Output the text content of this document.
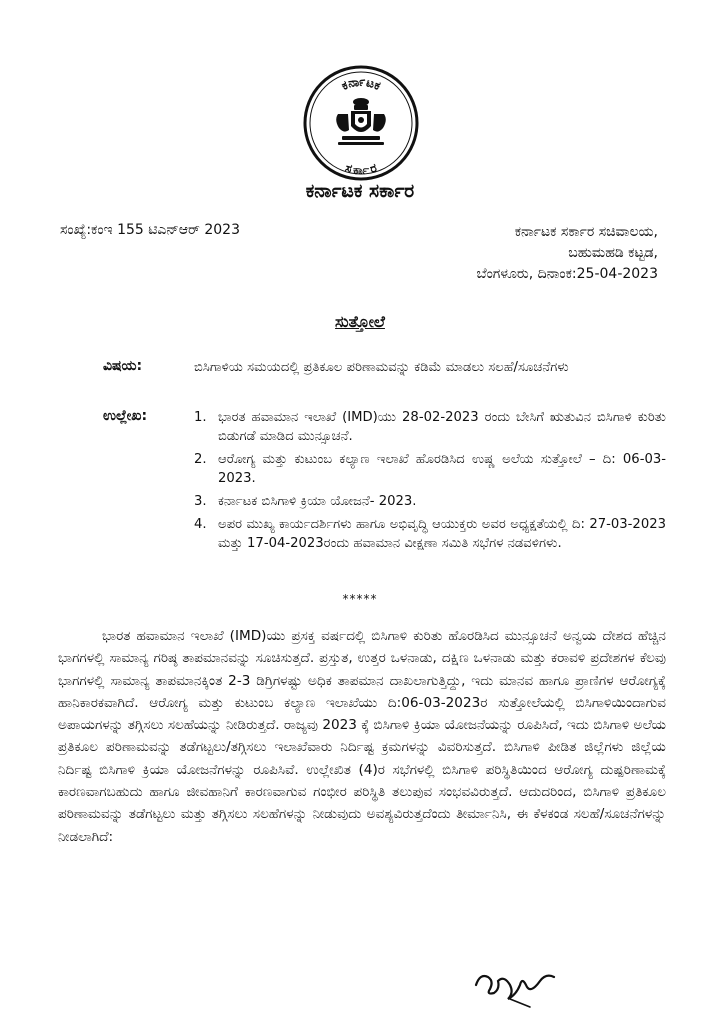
ಕರ್ನಾಟಕ
ಸರ್ಕಾರ
ಕರ್ನಾಟಕ ಸರ್ಕಾರ
ಸಂಖ್ಯೆ:ಕಂಇ 155 ಟಿಎನ್‌ಆರ್ 2023	ಕರ್ನಾಟಕ ಸರ್ಕಾರ ಸಚಿವಾಲಯ,
ಬಹುಮಹಡಿ ಕಟ್ಟಡ,
ಬೆಂಗಳೂರು, ದಿನಾಂಕ:25-04-2023
ಸುತ್ತೋಲೆ
ವಿಷಯ:	ಬಿಸಿಗಾಳಿಯ ಸಮಯದಲ್ಲಿ ಪ್ರತಿಕೂಲ ಪರಿಣಾಮವನ್ನು ಕಡಿಮೆ ಮಾಡಲು ಸಲಹೆ/ಸೂಚನೆಗಳು
ಉಲ್ಲೇಖ:	1. ಭಾರತ ಹವಾಮಾನ ಇಲಾಖೆ (IMD)ಯು 28-02-2023 ರಂದು ಬೇಸಿಗೆ ಋತುವಿನ ಬಿಸಿಗಾಳಿ ಕುರಿತು ಬಿಡುಗಡೆ ಮಾಡಿದ ಮುನ್ಸೂಚನೆ.
2. ಆರೋಗ್ಯ ಮತ್ತು ಕುಟುಂಬ ಕಲ್ಯಾಣ ಇಲಾಖೆ ಹೊರಡಿಸಿದ ಉಷ್ಣ ಅಲೆಯ ಸುತ್ತೋಲೆ – ದಿ: 06-03-2023.
3. ಕರ್ನಾಟಕ ಬಿಸಿಗಾಳಿ ಕ್ರಿಯಾ ಯೋಜನೆ- 2023.
4. ಅಪರ ಮುಖ್ಯ ಕಾರ್ಯದರ್ಶಿಗಳು ಹಾಗೂ ಅಭಿವೃದ್ಧಿ ಆಯುಕ್ತರು ಅವರ ಅಧ್ಯಕ್ಷತೆಯಲ್ಲಿ ದಿ: 27-03-2023 ಮತ್ತು 17-04-2023ರಂದು ಹವಾಮಾನ ವೀಕ್ಷಣಾ ಸಮಿತಿ ಸಭೆಗಳ ನಡವಳಿಗಳು.
*****

ಭಾರತ ಹವಾಮಾನ ಇಲಾಖೆ (IMD)ಯು ಪ್ರಸಕ್ತ ವರ್ಷದಲ್ಲಿ ಬಿಸಿಗಾಳಿ ಕುರಿತು ಹೊರಡಿಸಿದ ಮುನ್ಸೂಚನೆ ಅನ್ವಯ ದೇಶದ ಹೆಚ್ಚಿನ ಭಾಗಗಳಲ್ಲಿ ಸಾಮಾನ್ಯ ಗರಿಷ್ಠ ತಾಪಮಾನವನ್ನು ಸೂಚಿಸುತ್ತದೆ. ಪ್ರಸ್ತುತ, ಉತ್ತರ ಒಳನಾಡು, ದಕ್ಷಿಣ ಒಳನಾಡು ಮತ್ತು ಕರಾವಳಿ ಪ್ರದೇಶಗಳ ಕೆಲವು ಭಾಗಗಳಲ್ಲಿ ಸಾಮಾನ್ಯ ತಾಪಮಾನಕ್ಕಿಂತ 2-3 ಡಿಗ್ರಿಗಳಷ್ಟು ಅಧಿಕ ತಾಪಮಾನ ದಾಖಲಾಗುತ್ತಿದ್ದು, ಇದು ಮಾನವ ಹಾಗೂ ಪ್ರಾಣಿಗಳ ಆರೋಗ್ಯಕ್ಕೆ ಹಾನಿಕಾರಕವಾಗಿದೆ. ಆರೋಗ್ಯ ಮತ್ತು ಕುಟುಂಬ ಕಲ್ಯಾಣ ಇಲಾಖೆಯು ದಿ:06-03-2023ರ ಸುತ್ತೋಲೆಯಲ್ಲಿ ಬಿಸಿಗಾಳಿಯಿಂದಾಗುವ ಅಪಾಯಗಳನ್ನು ತಗ್ಗಿಸಲು ಸಲಹೆಯನ್ನು ನೀಡಿರುತ್ತದೆ. ರಾಜ್ಯವು 2023 ಕ್ಕೆ ಬಿಸಿಗಾಳಿ ಕ್ರಿಯಾ ಯೋಜನೆಯನ್ನು ರೂಪಿಸಿದೆ, ಇದು ಬಿಸಿಗಾಳಿ ಅಲೆಯ ಪ್ರತಿಕೂಲ ಪರಿಣಾಮವನ್ನು ತಡೆಗಟ್ಟಲು/ತಗ್ಗಿಸಲು ಇಲಾಖೆವಾರು ನಿರ್ದಿಷ್ಟ ಕ್ರಮಗಳನ್ನು ವಿವರಿಸುತ್ತದೆ. ಬಿಸಿಗಾಳಿ ಪೀಡಿತ ಜಿಲ್ಲೆಗಳು ಜಿಲ್ಲೆಯ ನಿರ್ದಿಷ್ಟ ಬಿಸಿಗಾಳಿ ಕ್ರಿಯಾ ಯೋಜನೆಗಳನ್ನು ರೂಪಿಸಿವೆ. ಉಲ್ಲೇಖಿತ (4)ರ ಸಭೆಗಳಲ್ಲಿ ಬಿಸಿಗಾಳಿ ಪರಿಸ್ಥಿತಿಯಿಂದ ಆರೋಗ್ಯ ದುಷ್ಪರಿಣಾಮಕ್ಕೆ ಕಾರಣವಾಗಬಹುದು ಹಾಗೂ ಜೀವಹಾನಿಗೆ ಕಾರಣವಾಗುವ ಗಂಭೀರ ಪರಿಸ್ಥಿತಿ ತಲುಪುವ ಸಂಭವವಿರುತ್ತದೆ. ಆದುದರಿಂದ, ಬಿಸಿಗಾಳಿ ಪ್ರತಿಕೂಲ ಪರಿಣಾಮವನ್ನು ತಡೆಗಟ್ಟಲು ಮತ್ತು ತಗ್ಗಿಸಲು ಸಲಹೆಗಳನ್ನು ನೀಡುವುದು ಅವಶ್ಯವಿರುತ್ತದೆಂದು ತೀರ್ಮಾನಿಸಿ, ಈ ಕೆಳಕಂಡ ಸಲಹೆ/ಸೂಚನೆಗಳನ್ನು ನೀಡಲಾಗಿದೆ:
